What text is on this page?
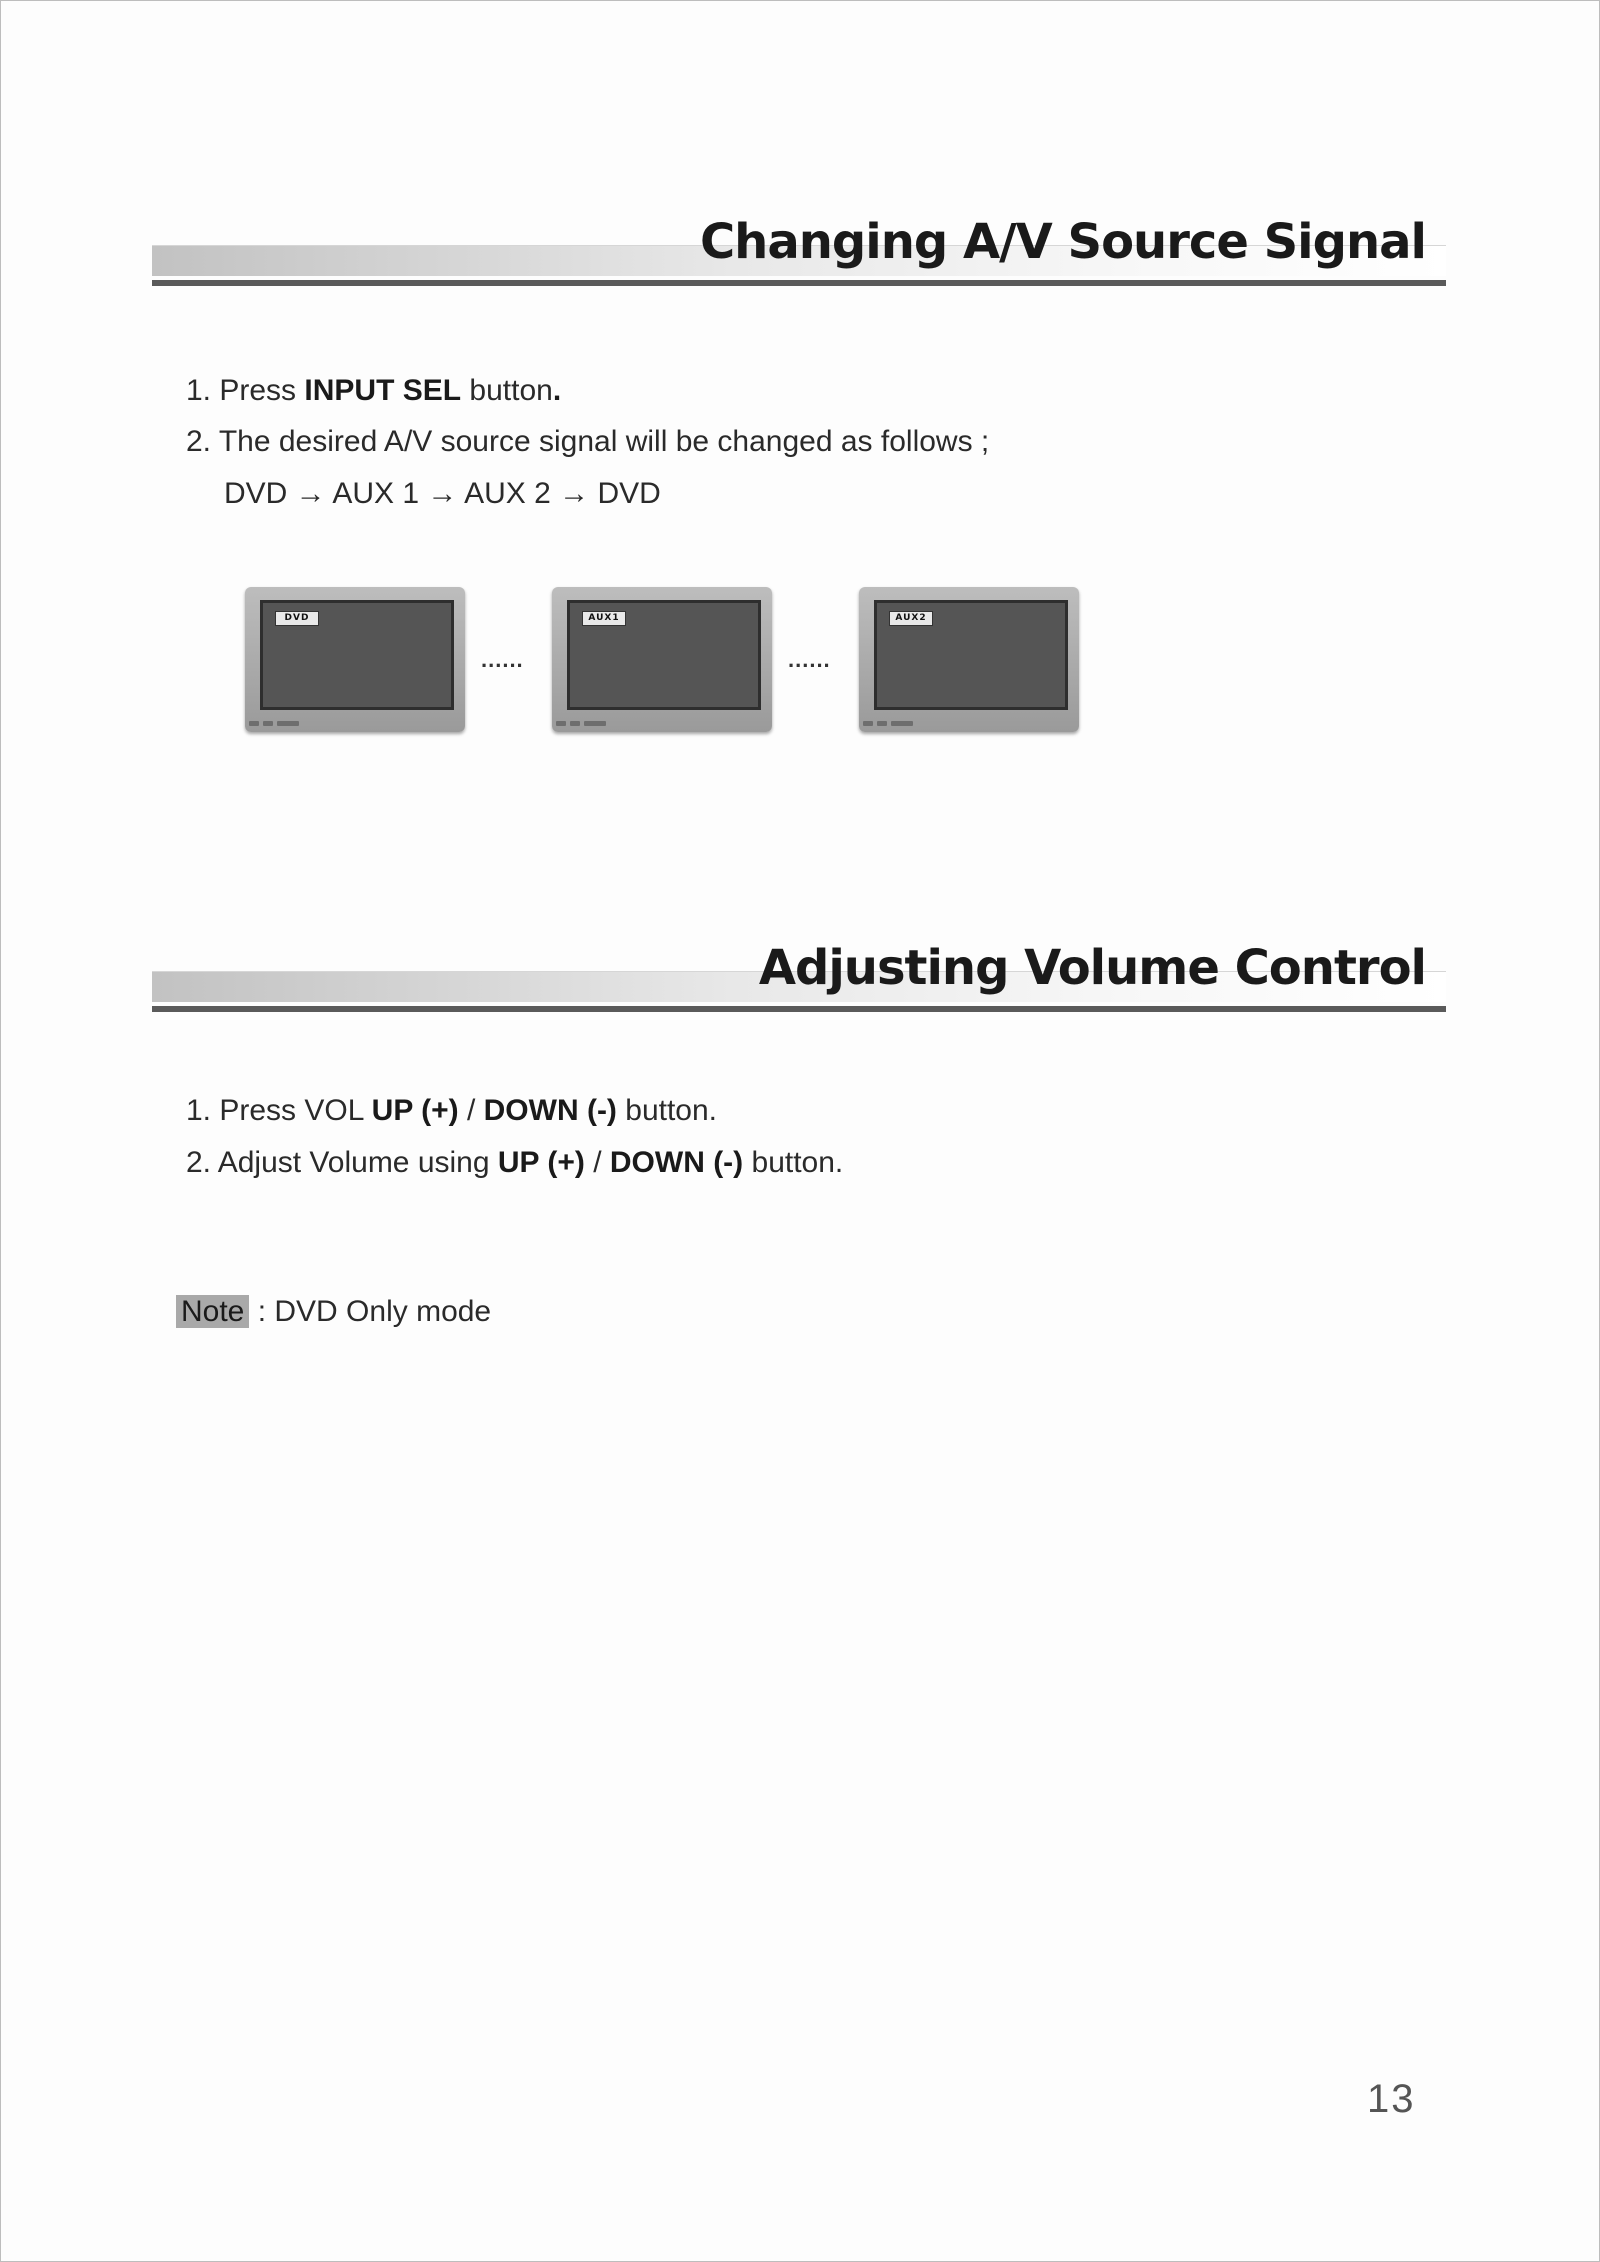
Changing A/V Source Signal
1. Press INPUT SEL button.
2. The desired A/V source signal will be changed as follows ;
DVD → AUX 1 → AUX 2 → DVD
DVD
......
AUX1
......
AUX2
Adjusting Volume Control
1. Press VOL UP (+) / DOWN (-) button.
2. Adjust Volume using UP (+) / DOWN (-) button.
Note : DVD Only mode
13
